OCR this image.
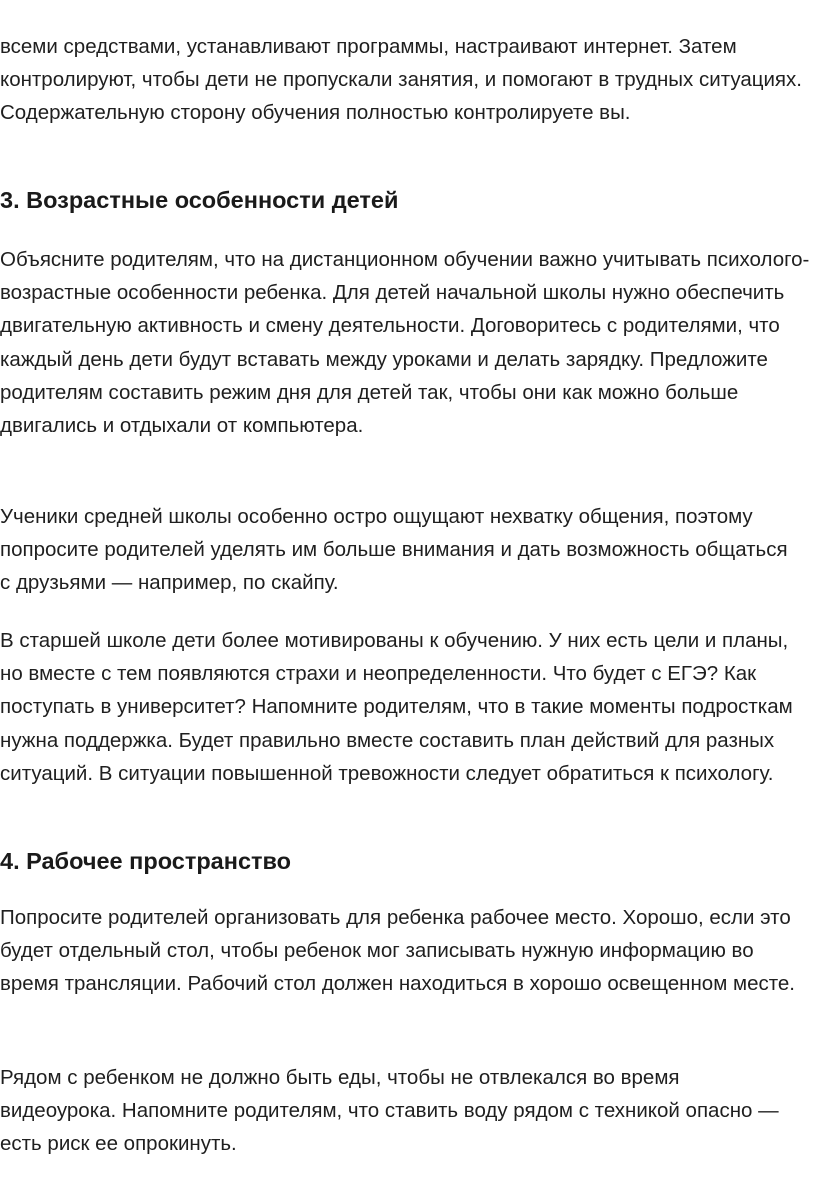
всеми средствами, устанавливают программы, настраивают интернет. Затем контролируют, чтобы дети не пропускали занятия, и помогают в трудных ситуациях. Содержательную сторону обучения полностью контролируете вы.

3. Возрастные особенности детей

Объясните родителям, что на дистанционном обучении важно учитывать психолого-возрастные особенности ребенка. Для детей начальной школы нужно обеспечить двигательную активность и смену деятельности. Договоритесь с родителями, что каждый день дети будут вставать между уроками и делать зарядку. Предложите родителям составить режим дня для детей так, чтобы они как можно больше двигались и отдыхали от компьютера.

Ученики средней школы особенно остро ощущают нехватку общения, поэтому попросите родителей уделять им больше внимания и дать возможность общаться с друзьями — например, по скайпу.

В старшей школе дети более мотивированы к обучению. У них есть цели и планы, но вместе с тем появляются страхи и неопределенности. Что будет с ЕГЭ? Как поступать в университет? Напомните родителям, что в такие моменты подросткам нужна поддержка. Будет правильно вместе составить план действий для разных ситуаций. В ситуации повышенной тревожности следует обратиться к психологу.

4. Рабочее пространство

Попросите родителей организовать для ребенка рабочее место. Хорошо, если это будет отдельный стол, чтобы ребенок мог записывать нужную информацию во время трансляции. Рабочий стол должен находиться в хорошо освещенном месте.

Рядом с ребенком не должно быть еды, чтобы не отвлекался во время видеоурока. Напомните родителям, что ставить воду рядом с техникой опасно — есть риск ее опрокинуть.
